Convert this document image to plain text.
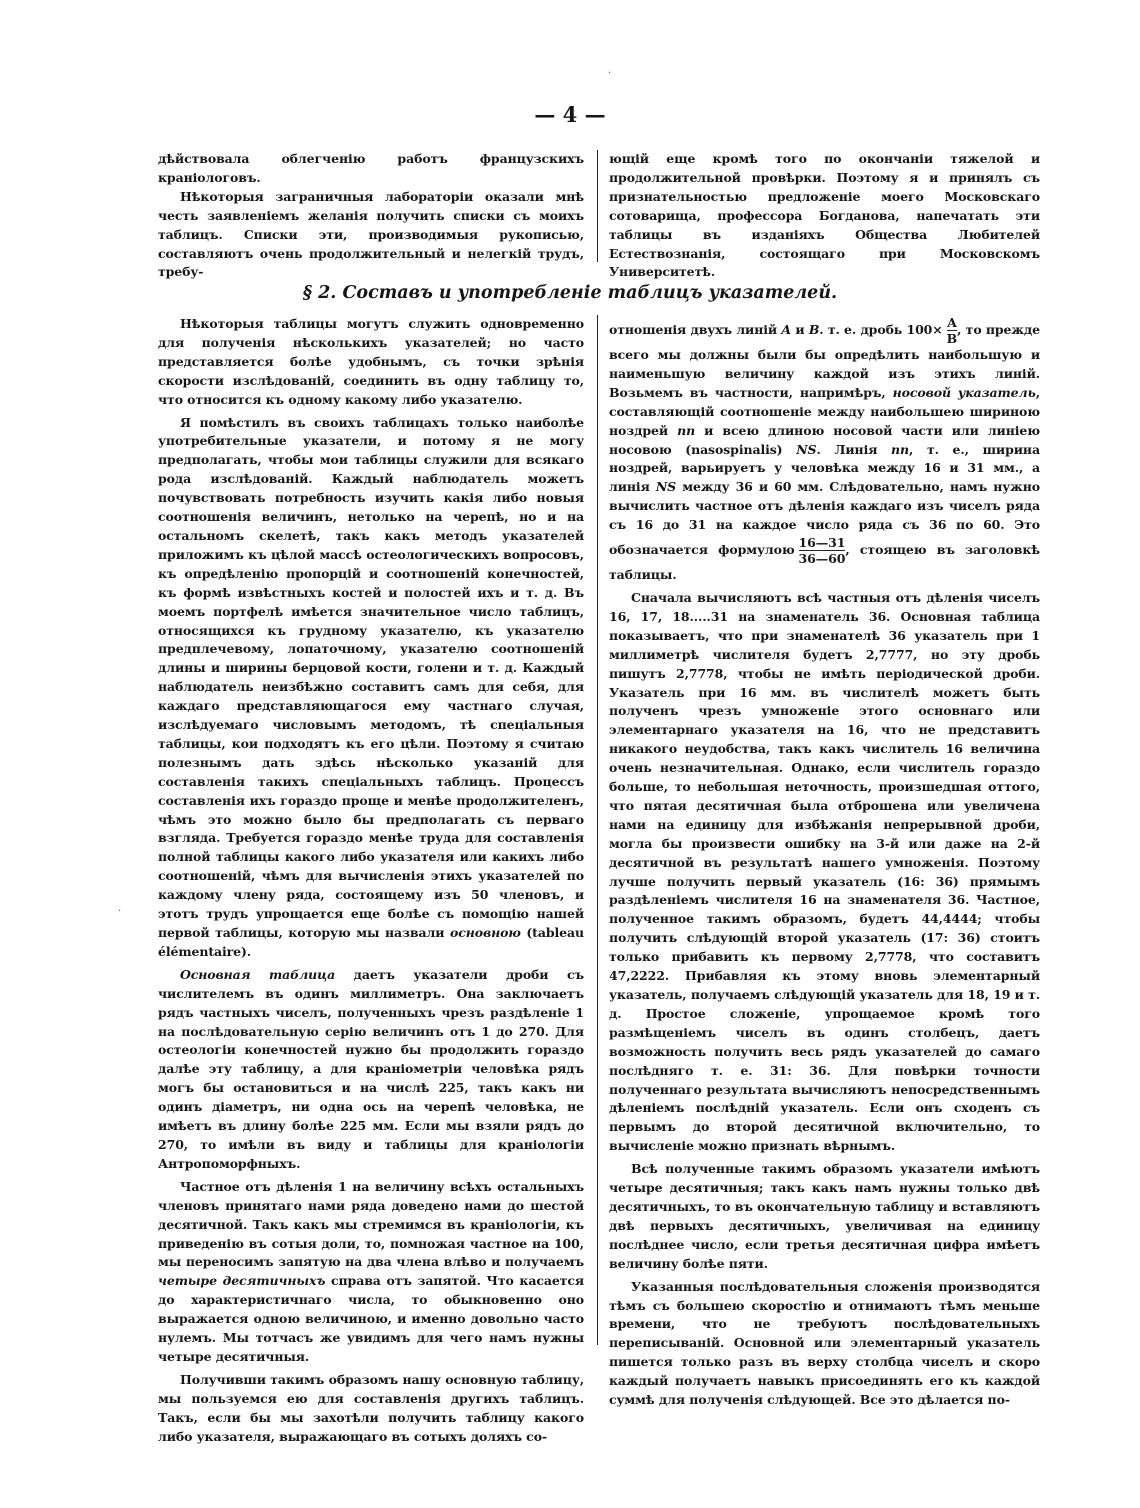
·
·
— 4 —

дѣйствовала облегченію работъ французскихъ краніологовъ.

Нѣкоторыя заграничныя лабораторіи оказали мнѣ честь заявленіемъ желанія получить списки съ моихъ таблицъ. Списки эти, производимыя рукописью, составляютъ очень продолжительный и нелегкій трудъ, требу-

ющій еще кромѣ того по окончаніи тяжелой и продолжительной провѣрки. Поэтому я и принялъ съ признательностью предложеніе моего Московскаго сотоварища, профессора Богданова, напечатать эти таблицы въ изданіяхъ Общества Любителей Естествознанія, состоящаго при Московскомъ Университетѣ.

§ 2. Составъ и употребленіе таблицъ указателей.

Нѣкоторыя таблицы могутъ служить одновременно для полученія нѣсколькихъ указателей; но часто представляется болѣе удобнымъ, съ точки зрѣнія скорости изслѣдованій, соединить въ одну таблицу то, что относится къ одному какому либо указателю.

Я помѣстилъ въ своихъ таблицахъ только наиболѣе употребительные указатели, и потому я не могу предполагать, чтобы мои таблицы служили для всякаго рода изслѣдованій. Каждый наблюдатель можетъ почувствовать потребность изучить какія либо новыя соотношенія величинъ, нетолько на черепѣ, но и на остальномъ скелетѣ, такъ какъ методъ указателей приложимъ къ цѣлой массѣ остеологическихъ вопросовъ, къ опредѣленію пропорцій и соотношеній конечностей, къ формѣ извѣстныхъ костей и полостей ихъ и т. д. Въ моемъ портфелѣ имѣется значительное число таблицъ, относящихся къ грудному указателю, къ указателю предплечевому, лопаточному, указателю соотношеній длины и ширины берцовой кости, голени и т. д. Каждый наблюдатель неизбѣжно составитъ самъ для себя, для каждаго представляющагося ему частнаго случая, изслѣдуемаго числовымъ методомъ, тѣ спеціальныя таблицы, кои подходятъ къ его цѣли. Поэтому я считаю полезнымъ дать здѣсь нѣсколько указаній для составленія такихъ спеціальныхъ таблицъ. Процессъ составленія ихъ гораздо проще и менѣе продолжителенъ, чѣмъ это можно было бы предполагать съ перваго взгляда. Требуется гораздо менѣе труда для составленія полной таблицы какого либо указателя или какихъ либо соотношеній, чѣмъ для вычисленія этихъ указателей по каждому члену ряда, состоящему изъ 50 членовъ, и этотъ трудъ упрощается еще болѣе съ помощію нашей первой таблицы, которую мы назвали основною (tableau élémentaire).

Основная таблица даетъ указатели дроби съ числителемъ въ одинъ миллиметръ. Она заключаетъ рядъ частныхъ чиселъ, полученныхъ чрезъ раздѣленіе 1 на послѣдовательную серію величинъ отъ 1 до 270. Для остеологіи конечностей нужно бы продолжить гораздо далѣе эту таблицу, а для краніометріи человѣка рядъ могъ бы остановиться и на числѣ 225, такъ какъ ни одинъ діаметръ, ни одна ось на черепѣ человѣка, не имѣетъ въ длину болѣе 225 мм. Если мы взяли рядъ до 270, то имѣли въ виду и таблицы для краніологіи Антропоморфныхъ.

Частное отъ дѣленія 1 на величину всѣхъ остальныхъ членовъ принятаго нами ряда доведено нами до шестой десятичной. Такъ какъ мы стремимся въ краніологіи, къ приведенію въ сотыя доли, то, помножая частное на 100, мы переносимъ запятую на два члена влѣво и получаемъ четыре десятичныхъ справа отъ запятой. Что касается до характеристичнаго числа, то обыкновенно оно выражается одною величиною, и именно довольно часто нулемъ. Мы тотчасъ же увидимъ для чего намъ нужны четыре десятичныя.

Получивши такимъ образомъ нашу основную таблицу, мы пользуемся ею для составленія другихъ таблицъ. Такъ, если бы мы захотѣли получить таблицу какого либо указателя, выражающаго въ сотыхъ доляхъ со-

отношенія двухъ линій A и B. т. е. дробь $100\times \frac{A}{B}$ , то прежде всего мы должны были бы опредѣлить наибольшую и наименьшую величину каждой изъ этихъ линій. Возьмемъ въ частности, напримѣръ, носовой указатель, составляющій соотношеніе между наибольшею шириною ноздрей nn и всею длиною носовой части или линіею носовою (nasospinalis) NS. Линія nn, т. е., ширина ноздрей, варьируетъ у человѣка между 16 и 31 мм., а линія NS между 36 и 60 мм. Слѣдовательно, намъ нужно вычислить частное отъ дѣленія каждаго изъ чиселъ ряда съ 16 до 31 на каждое число ряда съ 36 по 60. Это обозначается формулою $\frac{16—31}{36—60}$ , стоящею въ заголовкѣ таблицы.

Сначала вычисляютъ всѣ частныя отъ дѣленія чиселъ 16, 17, 18.....31 на знаменатель 36. Основная таблица показываетъ, что при знаменателѣ 36 указатель при 1 миллиметрѣ числителя будетъ 2,7777, но эту дробь пишутъ 2,7778, чтобы не имѣть періодической дроби. Указатель при 16 мм. въ числителѣ можетъ быть полученъ чрезъ умноженіе этого основнаго или элементарнаго указателя на 16, что не представитъ никакого неудобства, такъ какъ числитель 16 величина очень незначительная. Однако, если числитель гораздо больше, то небольшая неточность, произшедшая оттого, что пятая десятичная была отброшена или увеличена нами на единицу для избѣжанія непрерывной дроби, могла бы произвести ошибку на 3-й или даже на 2-й десятичной въ результатѣ нашего умноженія. Поэтому лучше получить первый указатель (16: 36) прямымъ раздѣленіемъ числителя 16 на знаменателя 36. Частное, полученное такимъ образомъ, будетъ 44,4444; чтобы получить слѣдующій второй указатель (17: 36) стоитъ только прибавить къ первому 2,7778, что составитъ 47,2222. Прибавляя къ этому вновь элементарный указатель, получаемъ слѣдующій указатель для 18, 19 и т. д. Простое сложеніе, упрощаемое кромѣ того размѣщеніемъ чиселъ въ одинъ столбецъ, даетъ возможность получить весь рядъ указателей до самаго послѣдняго т. е. 31: 36. Для повѣрки точности полученнаго результата вычисляютъ непосредственнымъ дѣленіемъ послѣдній указатель. Если онъ сходенъ съ первымъ до второй десятичной включительно, то вычисленіе можно признать вѣрнымъ.

Всѣ полученные такимъ образомъ указатели имѣютъ четыре десятичныя; такъ какъ намъ нужны только двѣ десятичныхъ, то въ окончательную таблицу и вставляютъ двѣ первыхъ десятичныхъ, увеличивая на единицу послѣднее число, если третья десятичная цифра имѣетъ величину болѣе пяти.

Указанныя послѣдовательныя сложенія производятся тѣмъ съ большею скоростію и отнимаютъ тѣмъ меньше времени, что не требуютъ послѣдовательныхъ переписываній. Основной или элементарный указатель пишется только разъ въ верху столбца чиселъ и скоро каждый получаетъ навыкъ присоединять его къ каждой суммѣ для полученія слѣдующей. Все это дѣлается по-
